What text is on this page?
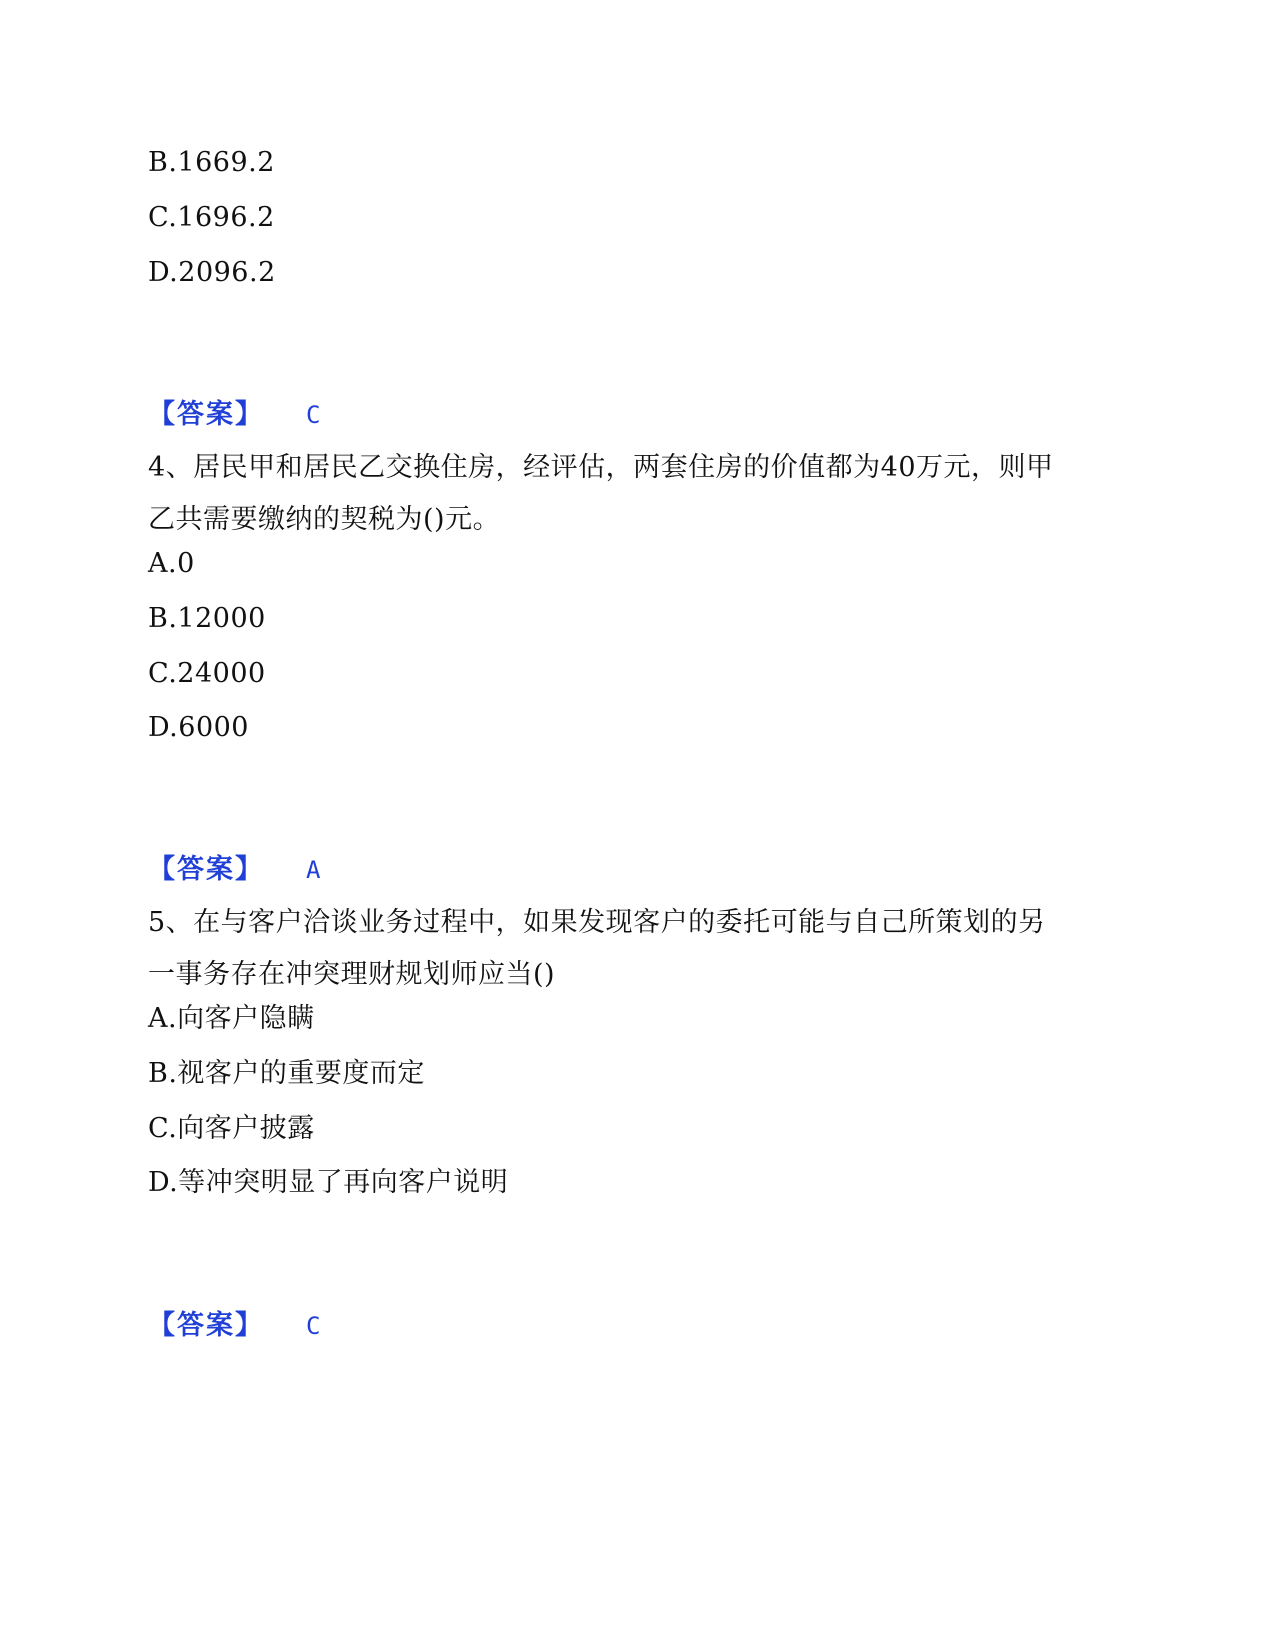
B.1669.2
C.1696.2
D.2096.2
【答案】 C
4、居民甲和居民乙交换住房，经评估，两套住房的价值都为40万元，则甲
乙共需要缴纳的契税为()元。
A.0
B.12000
C.24000
D.6000
【答案】 A
5、在与客户洽谈业务过程中，如果发现客户的委托可能与自己所策划的另
一事务存在冲突理财规划师应当()
A.向客户隐瞒
B.视客户的重要度而定
C.向客户披露
D.等冲突明显了再向客户说明
【答案】 C
